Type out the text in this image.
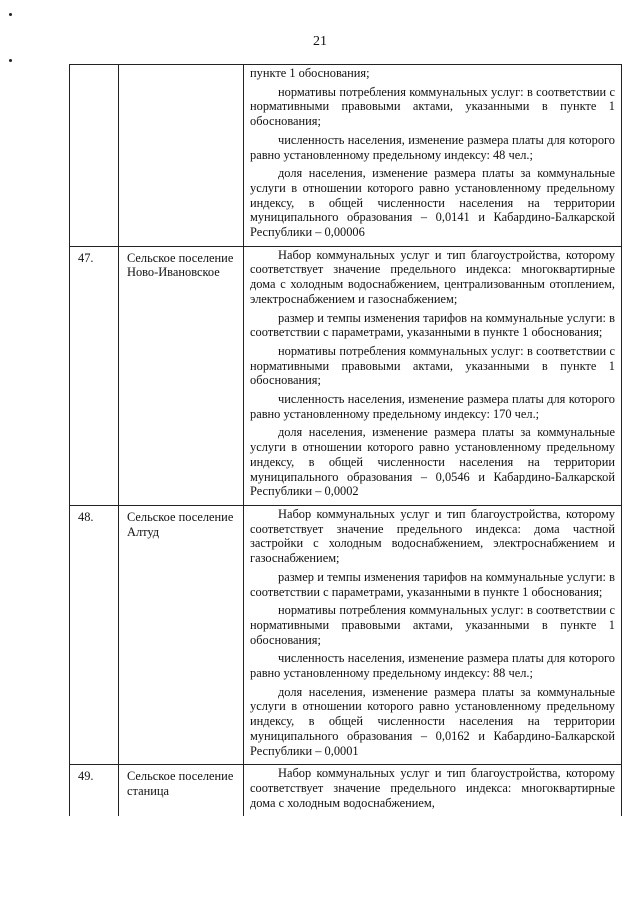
21

		пункте 1 обоснования;

нормативы потребления коммунальных услуг: в соответствии с нормативными правовыми актами, указанными в пункте 1 обоснования;

численность населения, изменение размера платы для которого равно установленному предельному индексу: 48 чел.;

доля населения, изменение размера платы за коммунальные услуги в отношении которого равно установленному предельному индексу, в общей численности населения на территории муниципального образования – 0,0141 и Кабардино-Балкарской Республики – 0,00006

47.	Сельское поселение Ново-Ивановское	Набор коммунальных услуг и тип благоустройства, которому соответствует значение предельного индекса: многоквартирные дома с холодным водоснабжением, централизованным отоплением, электроснабжением и газоснабжением;

размер и темпы изменения тарифов на коммунальные услуги: в соответствии с параметрами, указанными в пункте 1 обоснования;

нормативы потребления коммунальных услуг: в соответствии с нормативными правовыми актами, указанными в пункте 1 обоснования;

численность населения, изменение размера платы для которого равно установленному предельному индексу: 170 чел.;

доля населения, изменение размера платы за коммунальные услуги в отношении которого равно установленному предельному индексу, в общей численности населения на территории муниципального образования – 0,0546 и Кабардино-Балкарской Республики – 0,0002

48.	Сельское поселение Алтуд	Набор коммунальных услуг и тип благоустройства, которому соответствует значение предельного индекса: дома частной застройки с холодным водоснабжением, электроснабжением и газоснабжением;

размер и темпы изменения тарифов на коммунальные услуги: в соответствии с параметрами, указанными в пункте 1 обоснования;

нормативы потребления коммунальных услуг: в соответствии с нормативными правовыми актами, указанными в пункте 1 обоснования;

численность населения, изменение размера платы для которого равно установленному предельному индексу: 88 чел.;

доля населения, изменение размера платы за коммунальные услуги в отношении которого равно установленному предельному индексу, в общей численности населения на территории муниципального образования – 0,0162 и Кабардино-Балкарской Республики – 0,0001

49.	Сельское поселение станица	Набор коммунальных услуг и тип благоустройства, которому соответствует значение предельного индекса: многоквартирные дома с холодным водоснабжением,
